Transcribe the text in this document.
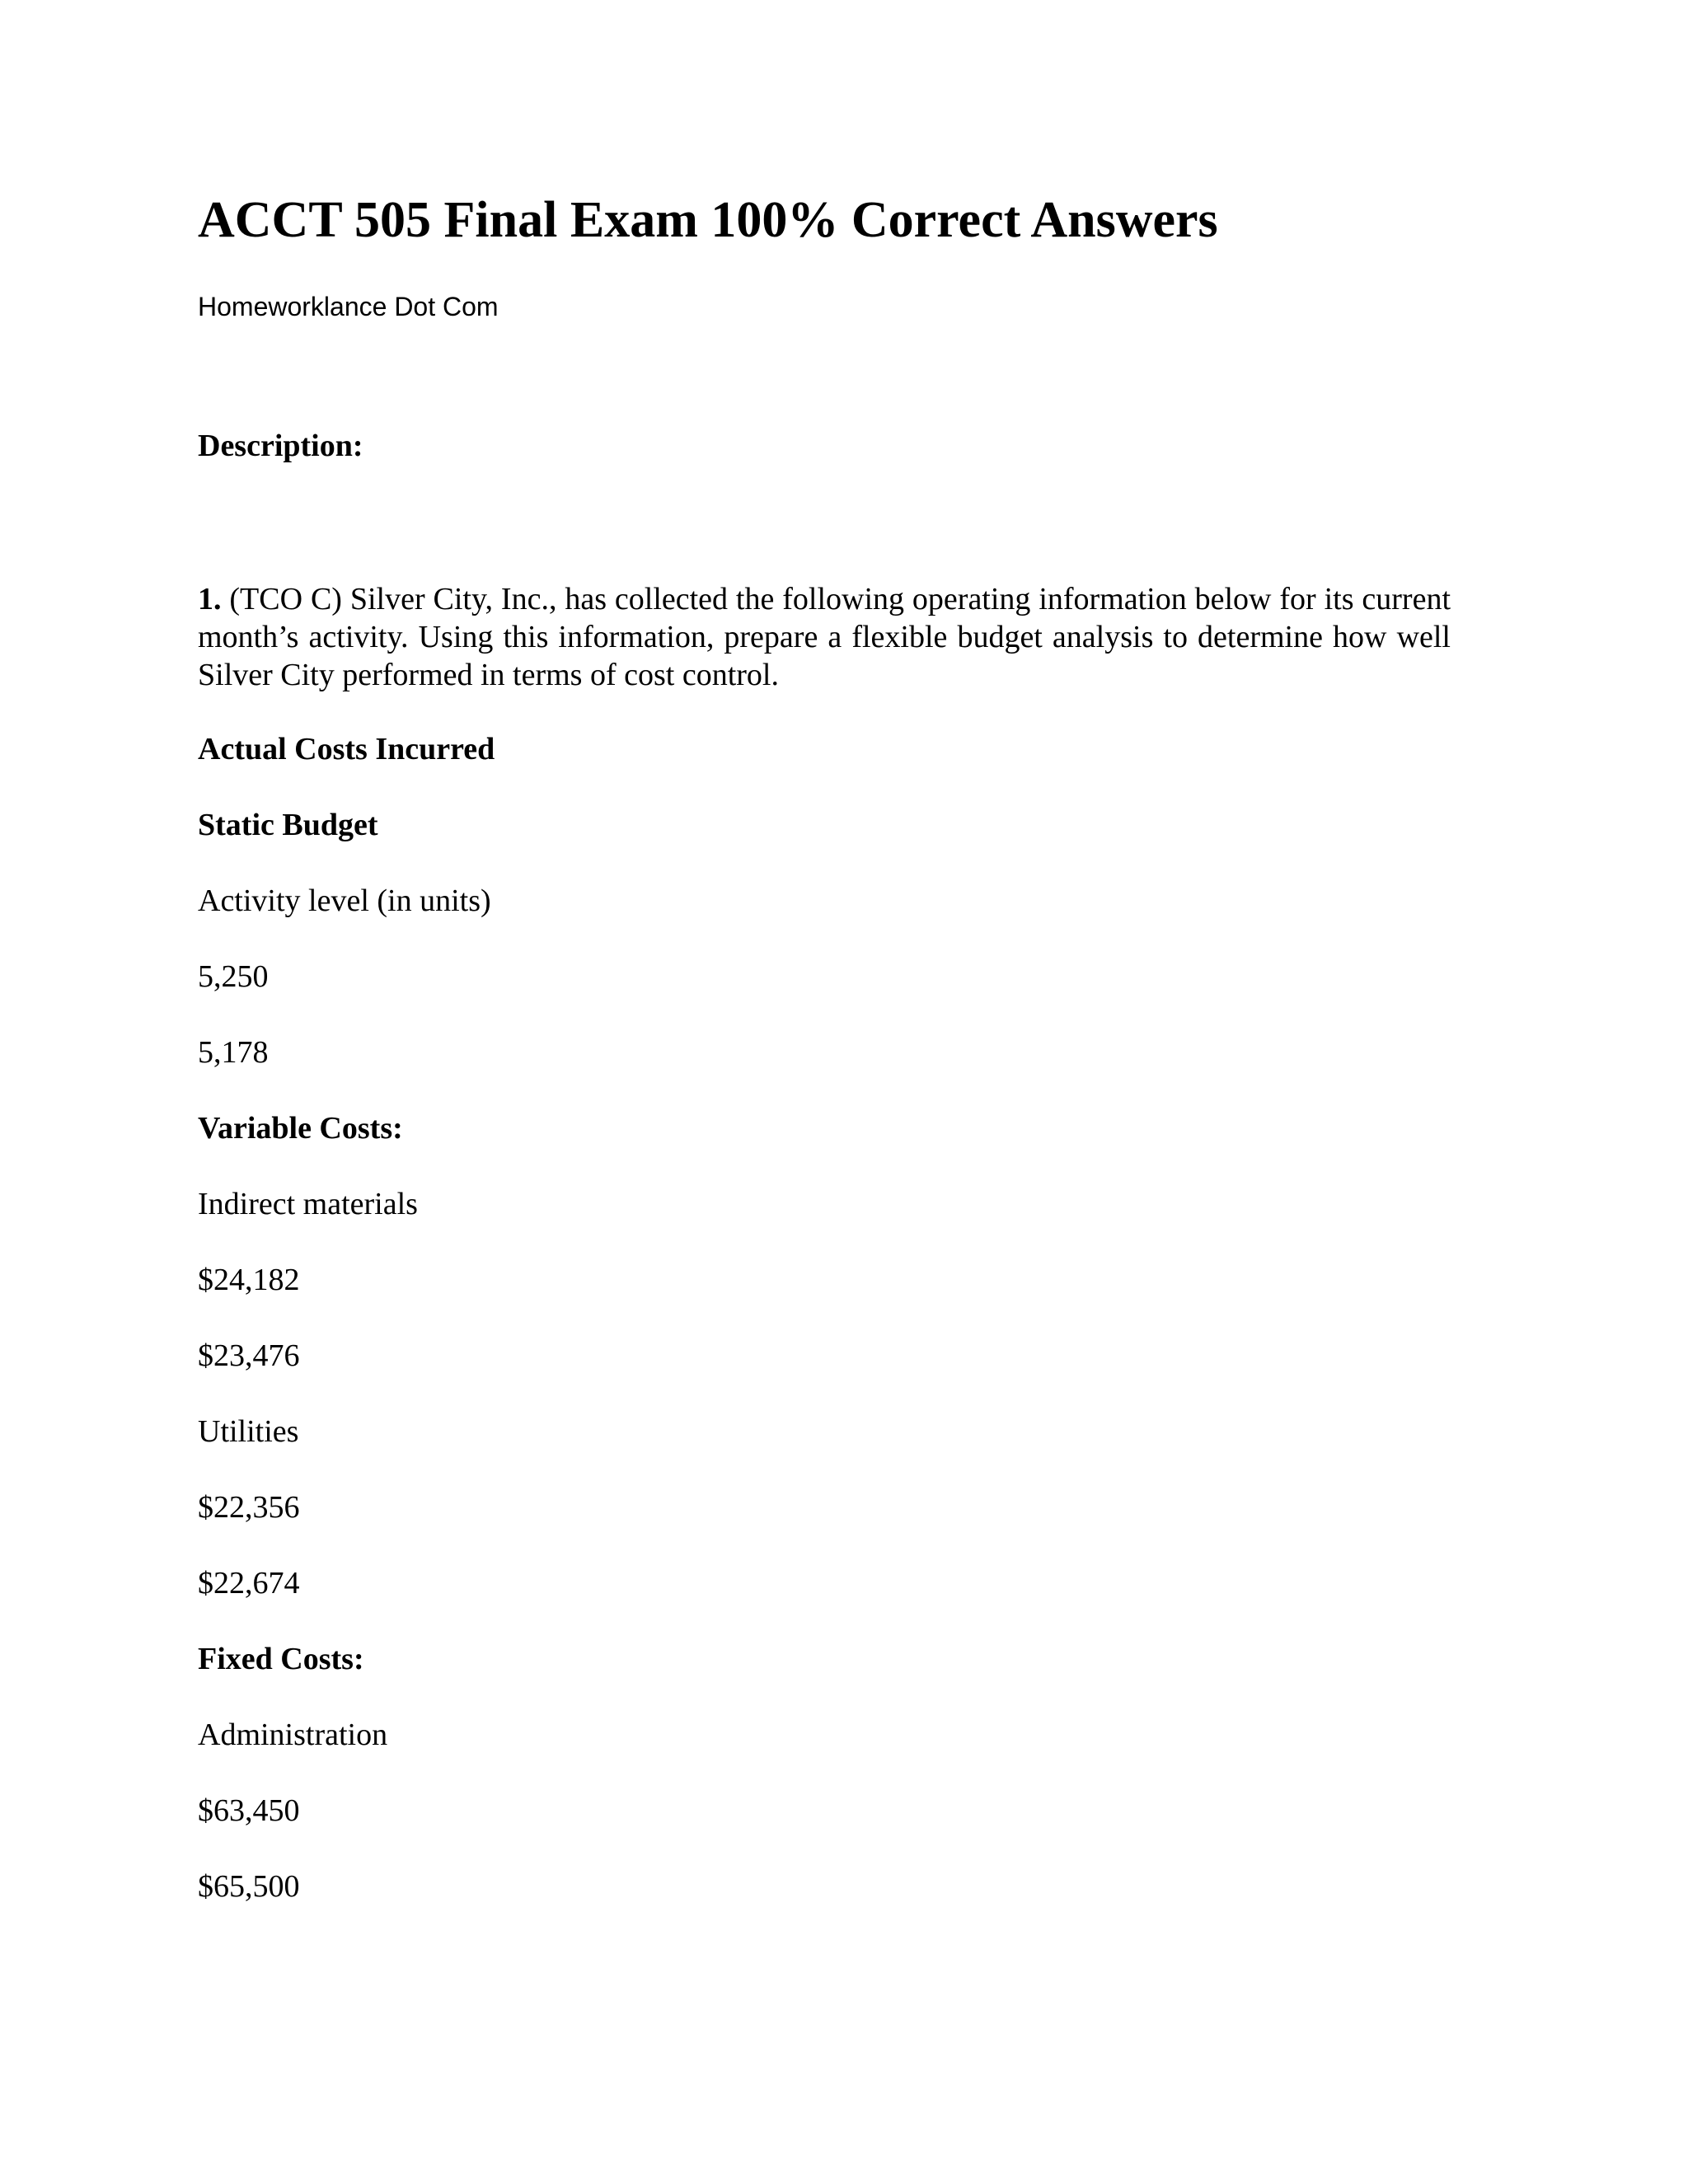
ACCT 505 Final Exam 100% Correct Answers
Homeworklance Dot Com
Description:
1. (TCO C) Silver City, Inc., has collected the following operating information below for its current month’s activity. Using this information, prepare a flexible budget analysis to determine how well Silver City performed in terms of cost control.
Actual Costs Incurred
Static Budget
Activity level (in units)
5,250
5,178
Variable Costs:
Indirect materials
$24,182
$23,476
Utilities
$22,356
$22,674
Fixed Costs:
Administration
$63,450
$65,500
